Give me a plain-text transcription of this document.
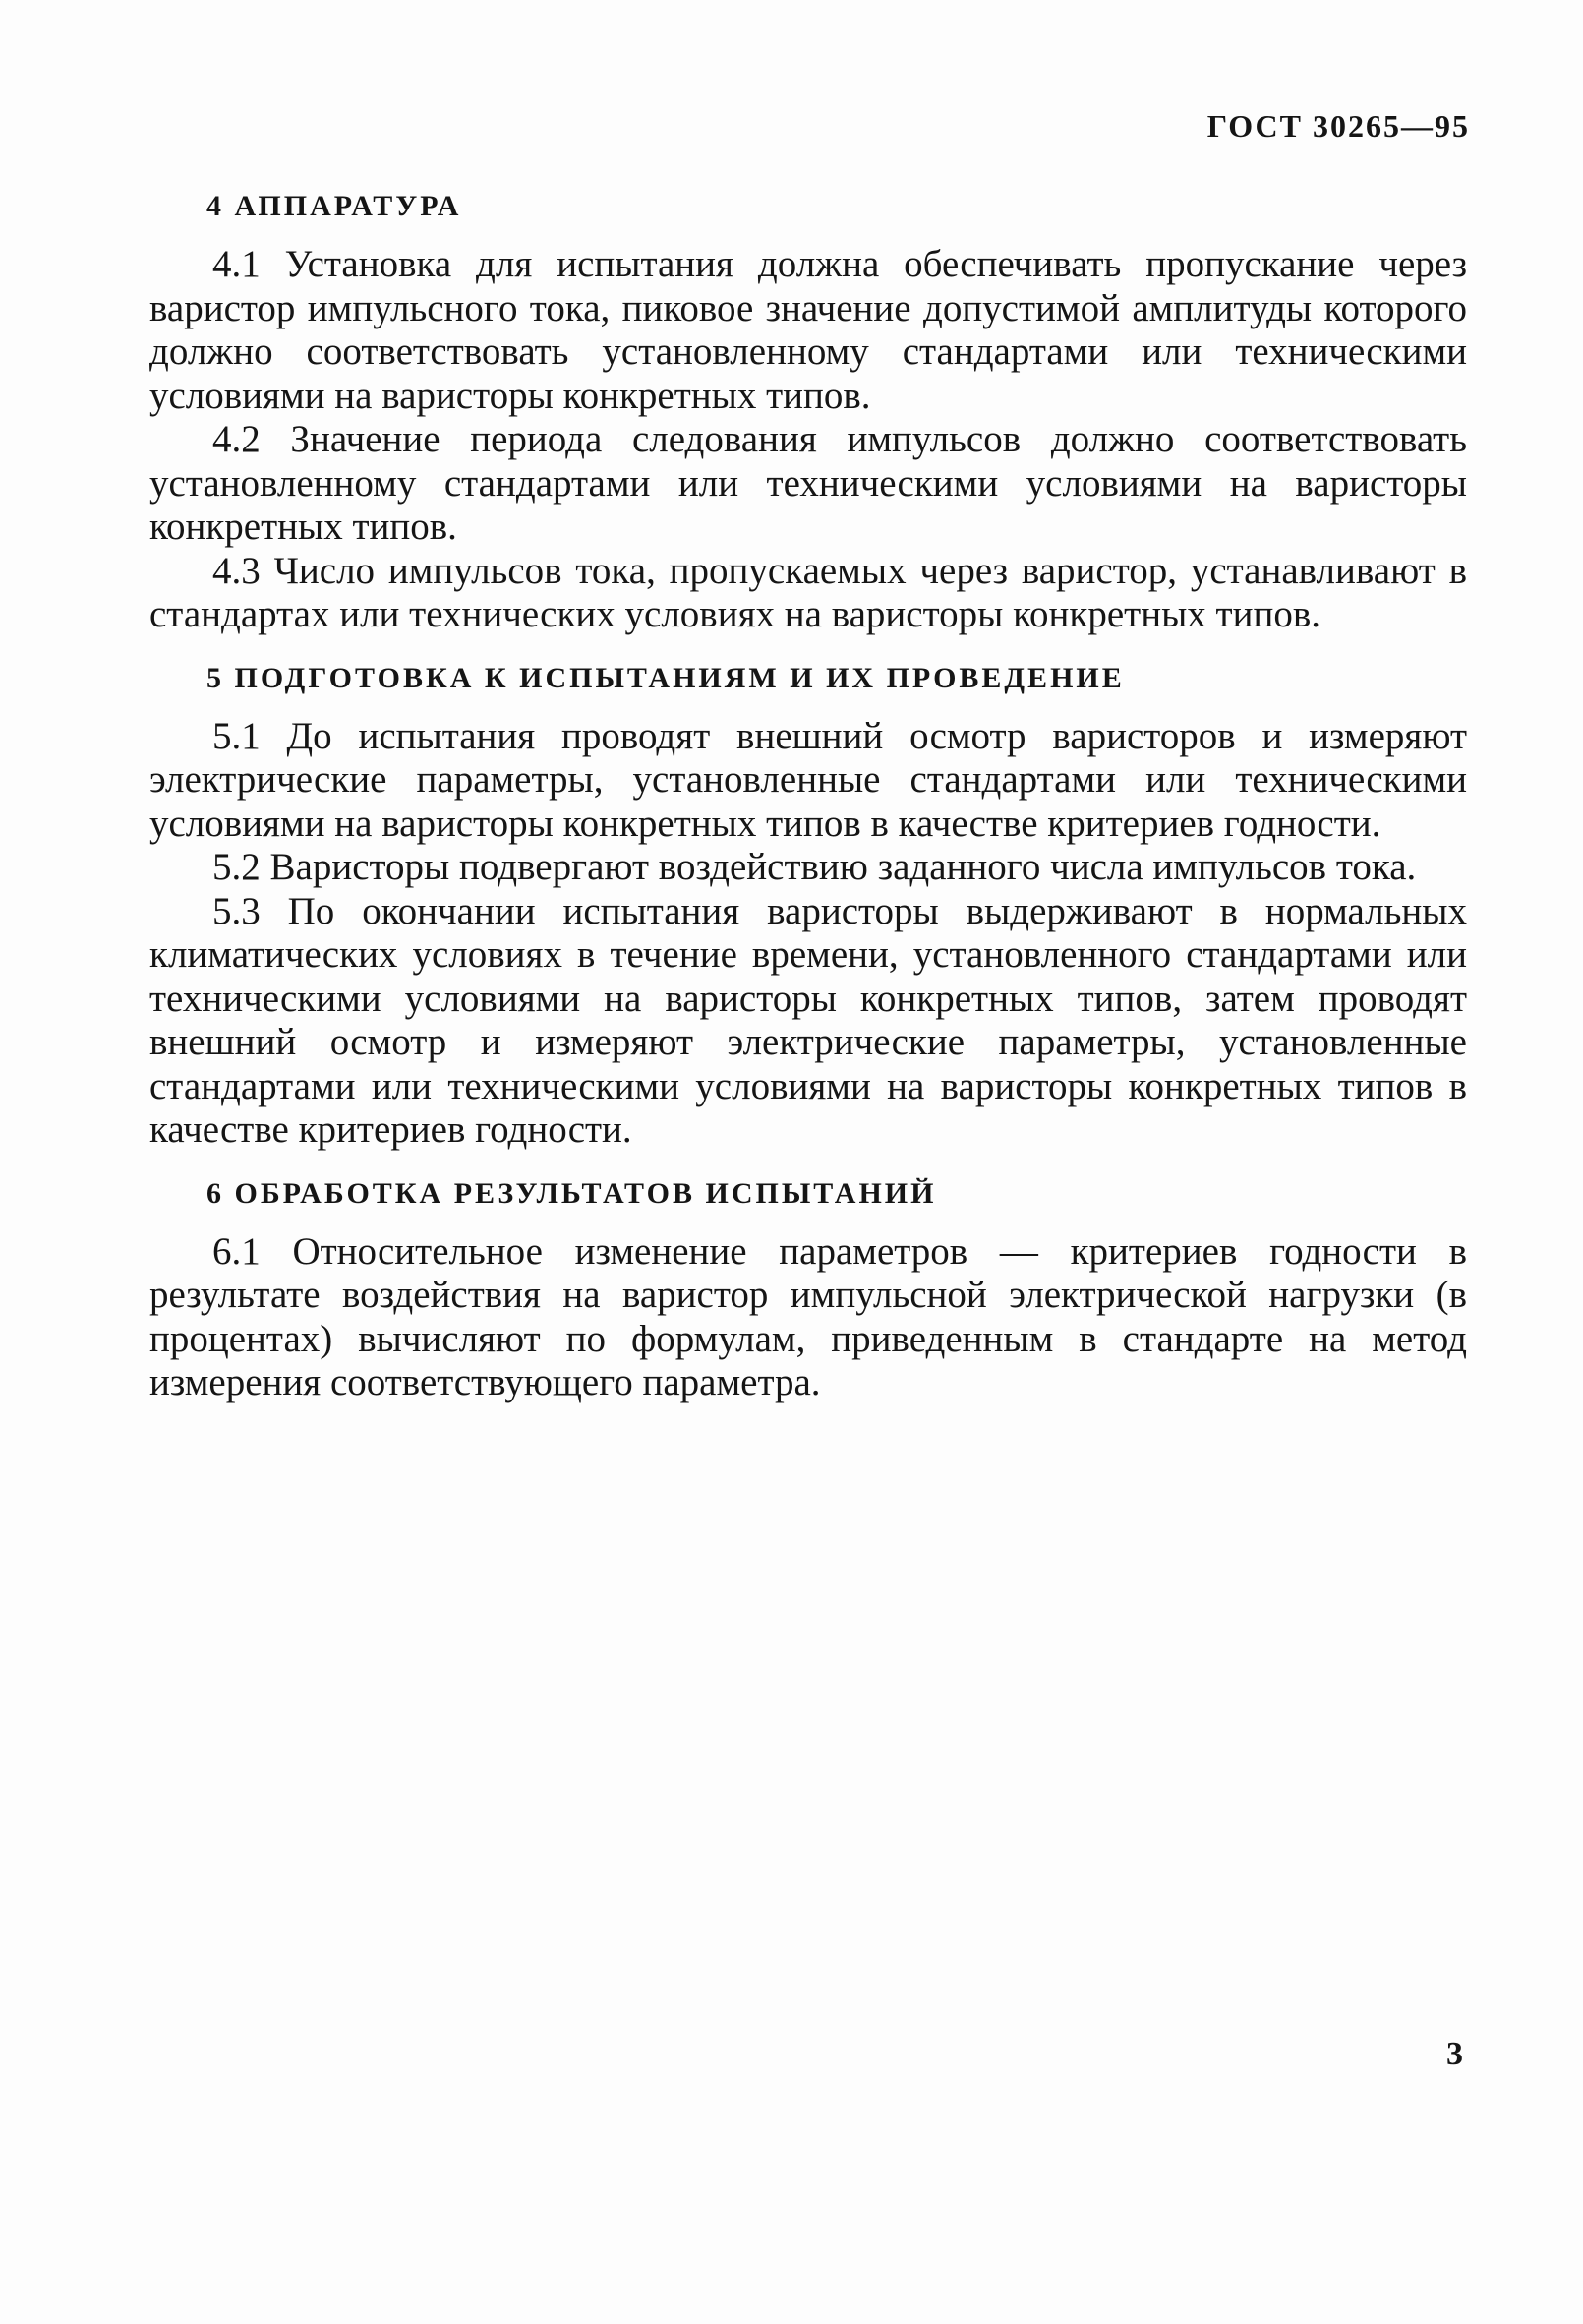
ГОСТ 30265—95
4 АППАРАТУРА

4.1 Установка для испытания должна обеспечивать пропускание через варистор импульсного тока, пиковое значение допустимой амплитуды которого должно соответствовать установленному стандартами или техническими условиями на варисторы конкретных типов.

4.2 Значение периода следования импульсов должно соответствовать установленному стандартами или техническими условиями на варисторы конкретных типов.

4.3 Число импульсов тока, пропускаемых через варистор, устанавливают в стандартах или технических условиях на варисторы конкретных типов.

5 ПОДГОТОВКА К ИСПЫТАНИЯМ И ИХ ПРОВЕДЕНИЕ

5.1 До испытания проводят внешний осмотр варисторов и измеряют электрические параметры, установленные стандартами или техническими условиями на варисторы конкретных типов в качестве критериев годности.

5.2 Варисторы подвергают воздействию заданного числа импульсов тока.

5.3 По окончании испытания варисторы выдерживают в нормальных климатических условиях в течение времени, установленного стандартами или техническими условиями на варисторы конкретных типов, затем проводят внешний осмотр и измеряют электрические параметры, установленные стандартами или техническими условиями на варисторы конкретных типов в качестве критериев годности.

6 ОБРАБОТКА РЕЗУЛЬТАТОВ ИСПЫТАНИЙ

6.1 Относительное изменение параметров — критериев годности в результате воздействия на варистор импульсной электрической нагрузки (в процентах) вычисляют по формулам, приведенным в стандарте на метод измерения соответствующего параметра.

3
